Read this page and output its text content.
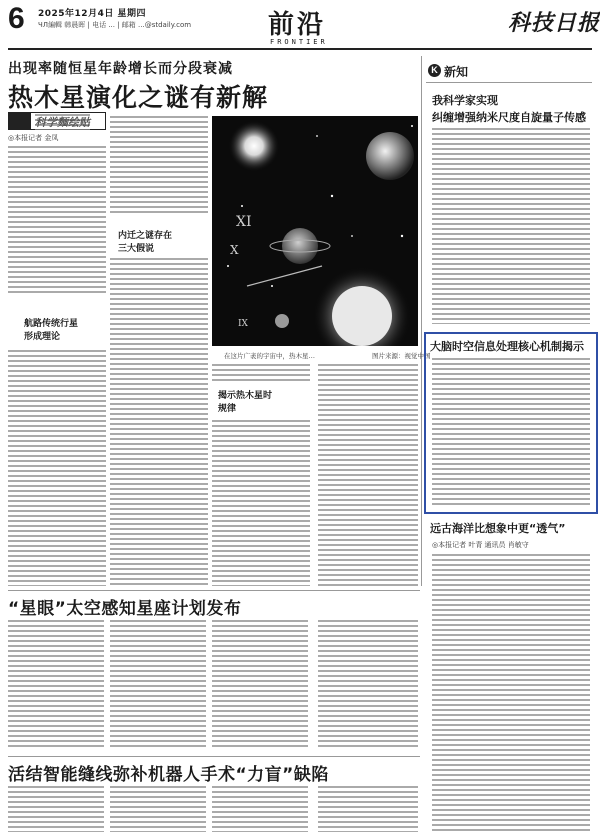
6 2025年12月4日 星期四
ЧЛ編輯 韩晨晖 | 电话 ... | 邮箱 ...@stdaily.com	前沿
FRONTIER
科技日报
出现率随恒星年龄增长而分段衰减
热木星演化之谜有新解
科学麵绘贴
◎本报记者 金凤
航路传统行星
形成理论
内迁之谜存在
三大假说
XI
X
IX
在这片广袤的宇宙中，热木星…	图片来源：视觉中国
揭示热木星时
规律
“星眼”太空感知星座计划发布
活结智能缝线弥补机器人手术“力盲”缺陷
K 新知
我科学家实现
纠缠增强纳米尺度自旋量子传感
大脑时空信息处理核心机制揭示
远古海洋比想象中更“透气”
◎本报记者 叶青 通讯员 肖敏守
